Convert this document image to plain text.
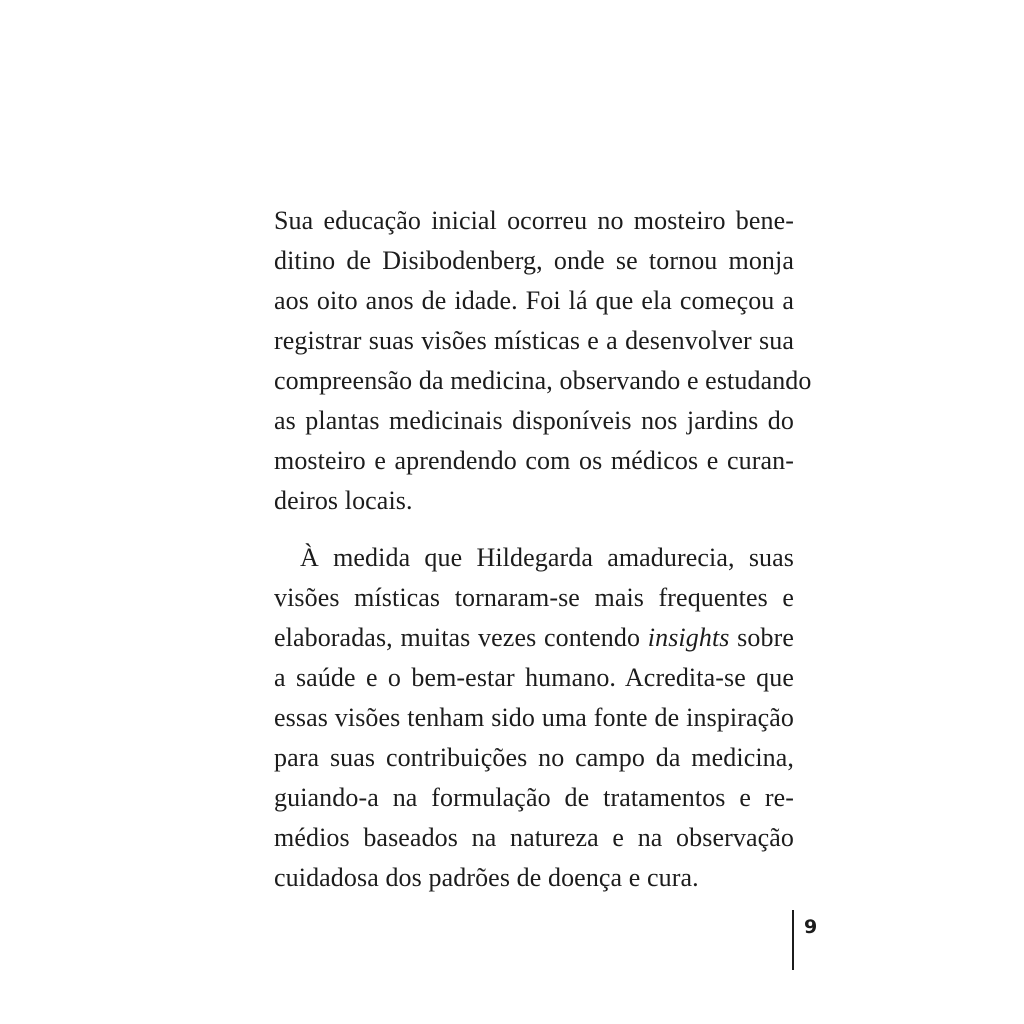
Sua educação inicial ocorreu no mosteiro bene-
ditino de Disibodenberg, onde se tornou monja
aos oito anos de idade. Foi lá que ela começou a
registrar suas visões místicas e a desenvolver sua
compreensão da medicina, observando e estudando
as plantas medicinais disponíveis nos jardins do
mosteiro e aprendendo com os médicos e curan-
deiros locais.
À medida que Hildegarda amadurecia, suas
visões místicas tornaram-se mais frequentes e
elaboradas, muitas vezes contendo insights sobre
a saúde e o bem-estar humano. Acredita-se que
essas visões tenham sido uma fonte de inspiração
para suas contribuições no campo da medicina,
guiando-a na formulação de tratamentos e re-
médios baseados na natureza e na observação
cuidadosa dos padrões de doença e cura.
9
